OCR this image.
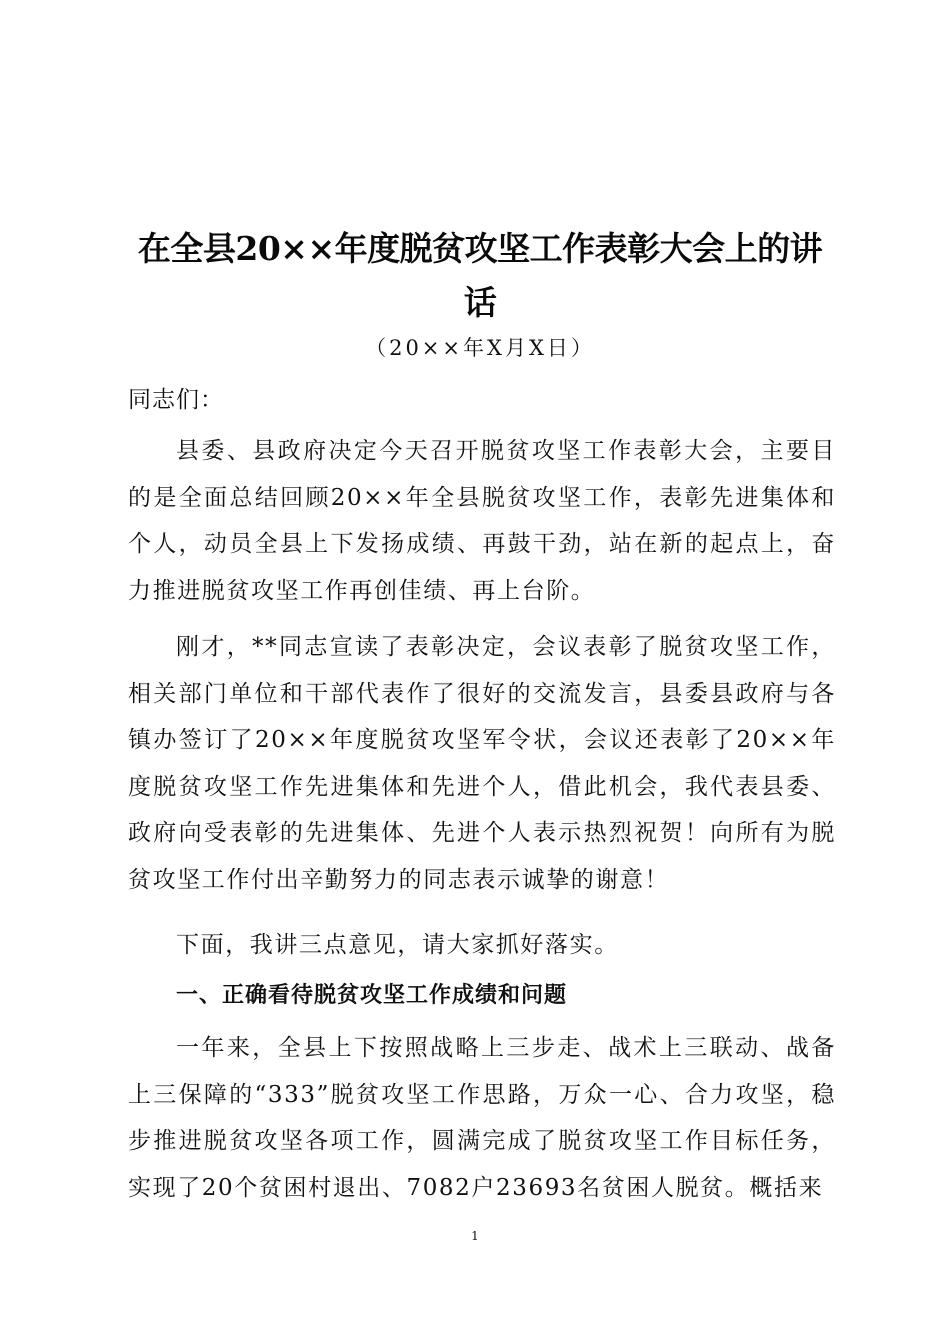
在全县20××年度脱贫攻坚工作表彰大会上的讲话
（20××年X月X日）
同志们：

县委、县政府决定今天召开脱贫攻坚工作表彰大会，主要目的是全面总结回顾20××年全县脱贫攻坚工作，表彰先进集体和个人，动员全县上下发扬成绩、再鼓干劲，站在新的起点上，奋力推进脱贫攻坚工作再创佳绩、再上台阶。

刚才，**同志宣读了表彰决定，会议表彰了脱贫攻坚工作，相关部门单位和干部代表作了很好的交流发言，县委县政府与各镇办签订了20××年度脱贫攻坚军令状，会议还表彰了20××年度脱贫攻坚工作先进集体和先进个人，借此机会，我代表县委、政府向受表彰的先进集体、先进个人表示热烈祝贺！向所有为脱贫攻坚工作付出辛勤努力的同志表示诚挚的谢意！

下面，我讲三点意见，请大家抓好落实。

一、正确看待脱贫攻坚工作成绩和问题

一年来，全县上下按照战略上三步走、战术上三联动、战备上三保障的“333”脱贫攻坚工作思路，万众一心、合力攻坚，稳步推进脱贫攻坚各项工作，圆满完成了脱贫攻坚工作目标任务，实现了20个贫困村退出、7082户23693名贫困人脱贫。概括来

1
